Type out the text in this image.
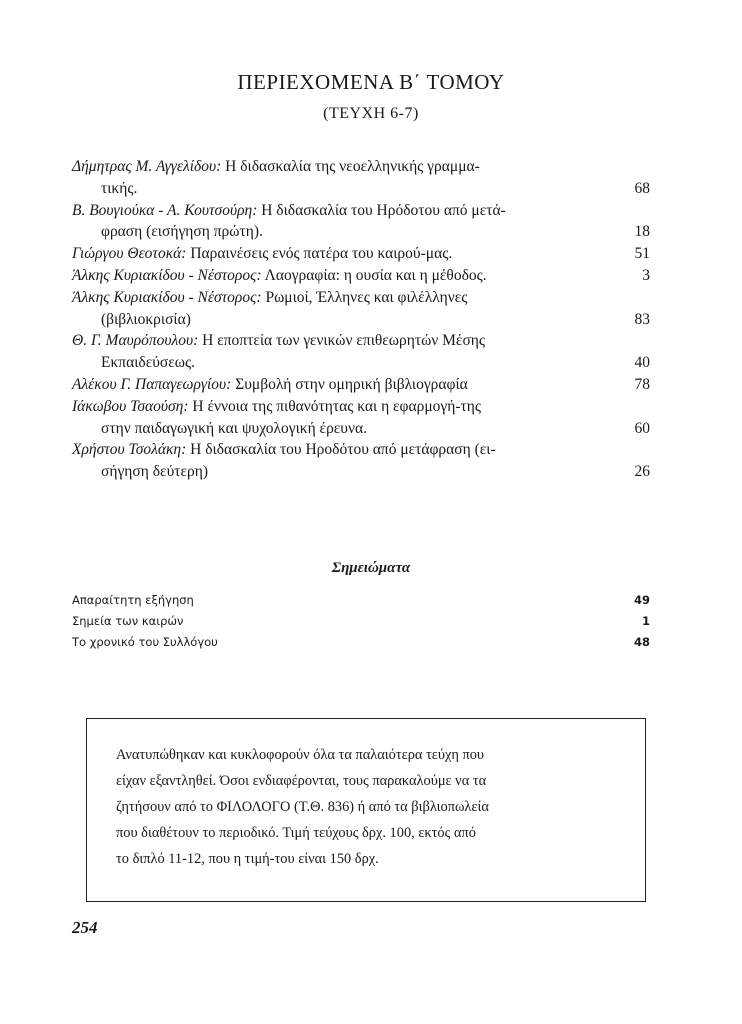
ΠΕΡΙΕΧΟΜΕΝΑ Β΄ ΤΟΜΟΥ
(ΤΕΥΧΗ 6-7)
Δήμητρας Μ. Αγγελίδου: Η διδασκαλία της νεοελληνικής γραμμα-
τικής.	68
Β. Βουγιούκα - Α. Κουτσούρη: Η διδασκαλία του Ηρόδοτου από μετά-
φραση (εισήγηση πρώτη).	18
Γιώργου Θεοτοκά: Παραινέσεις ενός πατέρα του καιρού-μας.	51
Άλκης Κυριακίδου - Νέστορος: Λαογραφία: η ουσία και η μέθοδος.	3
Άλκης Κυριακίδου - Νέστορος: Ρωμιοί, Έλληνες και φιλέλληνες
(βιβλιοκρισία)	83
Θ. Γ. Μαυρόπουλου: Η εποπτεία των γενικών επιθεωρητών Μέσης
Εκπαιδεύσεως.	40
Αλέκου Γ. Παπαγεωργίου: Συμβολή στην ομηρική βιβλιογραφία	78
Ιάκωβου Τσαούση: Η έννοια της πιθανότητας και η εφαρμογή-της
στην παιδαγωγική και ψυχολογική έρευνα.	60
Χρήστου Τσολάκη: Η διδασκαλία του Ηροδότου από μετάφραση (ει-
σήγηση δεύτερη)	26
Σημειώματα
Απαραίτητη εξήγηση	49
Σημεία των καιρών	1
Το χρονικό του Συλλόγου	48
Ανατυπώθηκαν και κυκλοφορούν όλα τα παλαιότερα τεύχη που
είχαν εξαντληθεί. Όσοι ενδιαφέρονται, τους παρακαλούμε να τα
ζητήσουν από το ΦΙΛΟΛΟΓΟ (Τ.Θ. 836) ή από τα βιβλιοπωλεία
που διαθέτουν το περιοδικό. Τιμή τεύχους δρχ. 100, εκτός από
το διπλό 11-12, που η τιμή-του είναι 150 δρχ.
254
